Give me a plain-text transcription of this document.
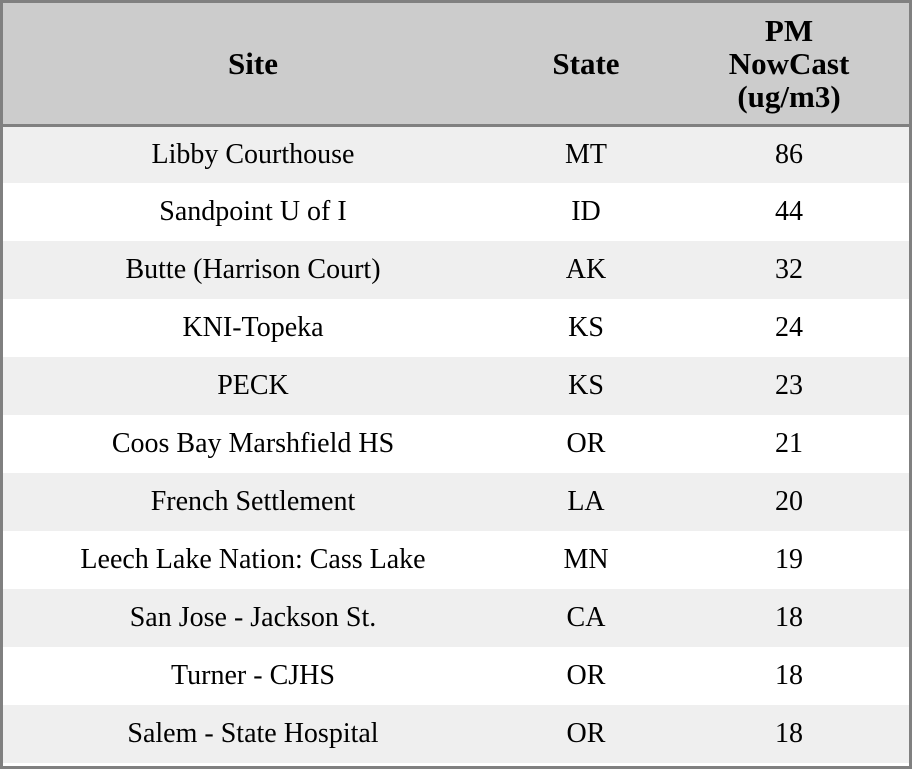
Site	State	PM
NowCast
(ug/m3)

Libby Courthouse	MT	86
Sandpoint U of I	ID	44
Butte (Harrison Court)	AK	32
KNI-Topeka	KS	24
PECK	KS	23
Coos Bay Marshfield HS	OR	21
French Settlement	LA	20
Leech Lake Nation: Cass Lake	MN	19
San Jose - Jackson St.	CA	18
Turner - CJHS	OR	18
Salem - State Hospital	OR	18
